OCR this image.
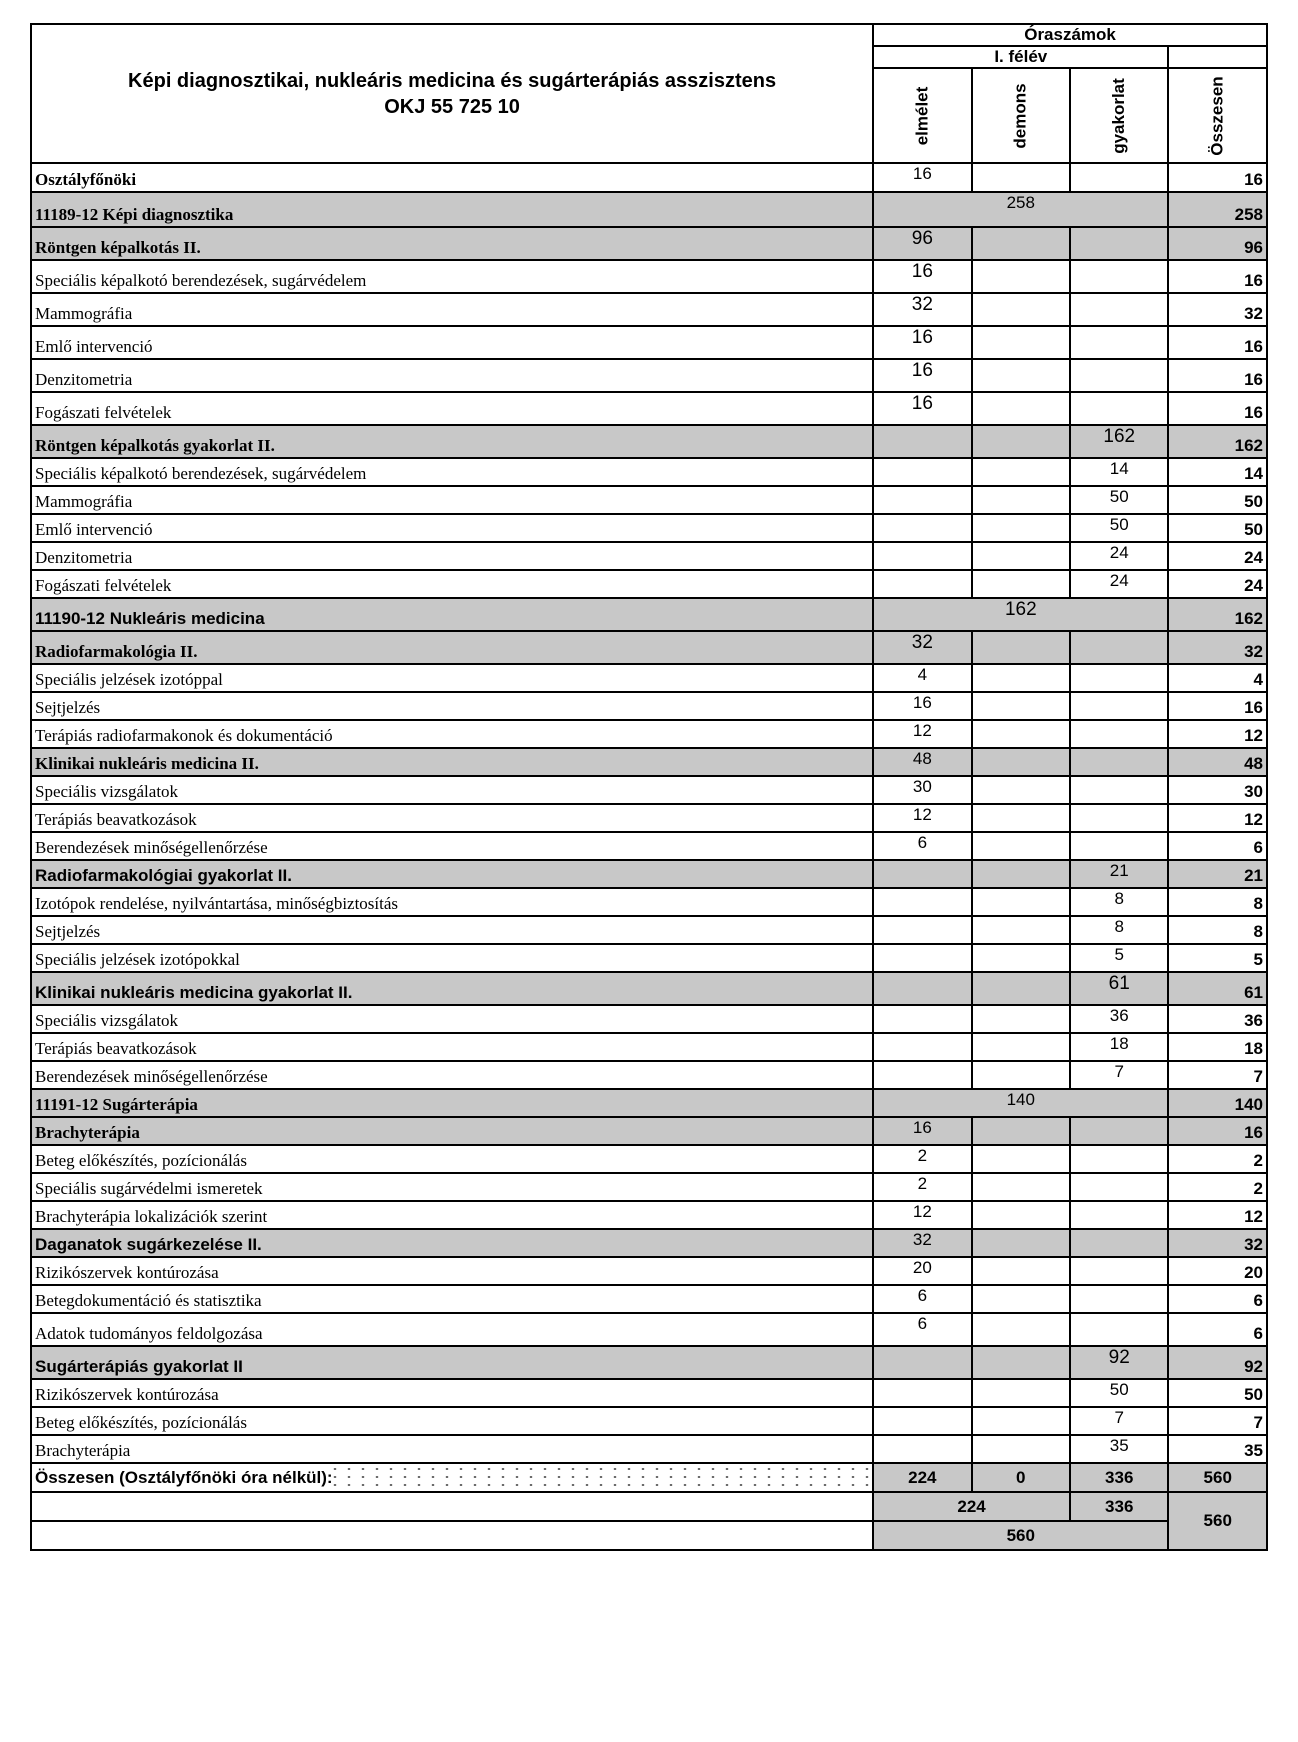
Képi diagnosztikai, nukleáris medicina és sugárterápiás asszisztens
OKJ 55 725 10	Óraszámok			
	I. félév			
	elmélet	demons	gyakorlat	Összesen

Osztályfőnöki	16			16
11189-12 Képi diagnosztika	258			258
Röntgen képalkotás II.	96			96
Speciális képalkotó berendezések, sugárvédelem	16			16
Mammográfia	32			32
Emlő intervenció	16			16
Denzitometria	16			16
Fogászati felvételek	16			16
Röntgen képalkotás gyakorlat II.			162	162
Speciális képalkotó berendezések, sugárvédelem			14	14
Mammográfia			50	50
Emlő intervenció			50	50
Denzitometria			24	24
Fogászati felvételek			24	24
11190-12 Nukleáris medicina	162			162
Radiofarmakológia II.	32			32
Speciális jelzések izotóppal	4			4
Sejtjelzés	16			16
Terápiás radiofarmakonok és dokumentáció	12			12
Klinikai nukleáris medicina II.	48			48
Speciális vizsgálatok	30			30
Terápiás beavatkozások	12			12
Berendezések minőségellenőrzése	6			6
Radiofarmakológiai gyakorlat II.			21	21
Izotópok rendelése, nyilvántartása, minőségbiztosítás			8	8
Sejtjelzés			8	8
Speciális jelzések izotópokkal			5	5
Klinikai nukleáris medicina gyakorlat II.			61	61
Speciális vizsgálatok			36	36
Terápiás beavatkozások			18	18
Berendezések minőségellenőrzése			7	7
11191-12 Sugárterápia	140			140
Brachyterápia	16			16
Beteg előkészítés, pozícionálás	2			2
Speciális sugárvédelmi ismeretek	2			2
Brachyterápia lokalizációk szerint	12			12
Daganatok sugárkezelése II.	32			32
Rizikószervek kontúrozása	20			20
Betegdokumentáció és statisztika	6			6
Adatok tudományos feldolgozása	6			6
Sugárterápiás gyakorlat II			92	92
Rizikószervek kontúrozása			50	50
Beteg előkészítés, pozícionálás			7	7
Brachyterápia			35	35
Összesen (Osztályfőnöki óra nélkül):	224	0	336	560
	224		336	560
	560			
